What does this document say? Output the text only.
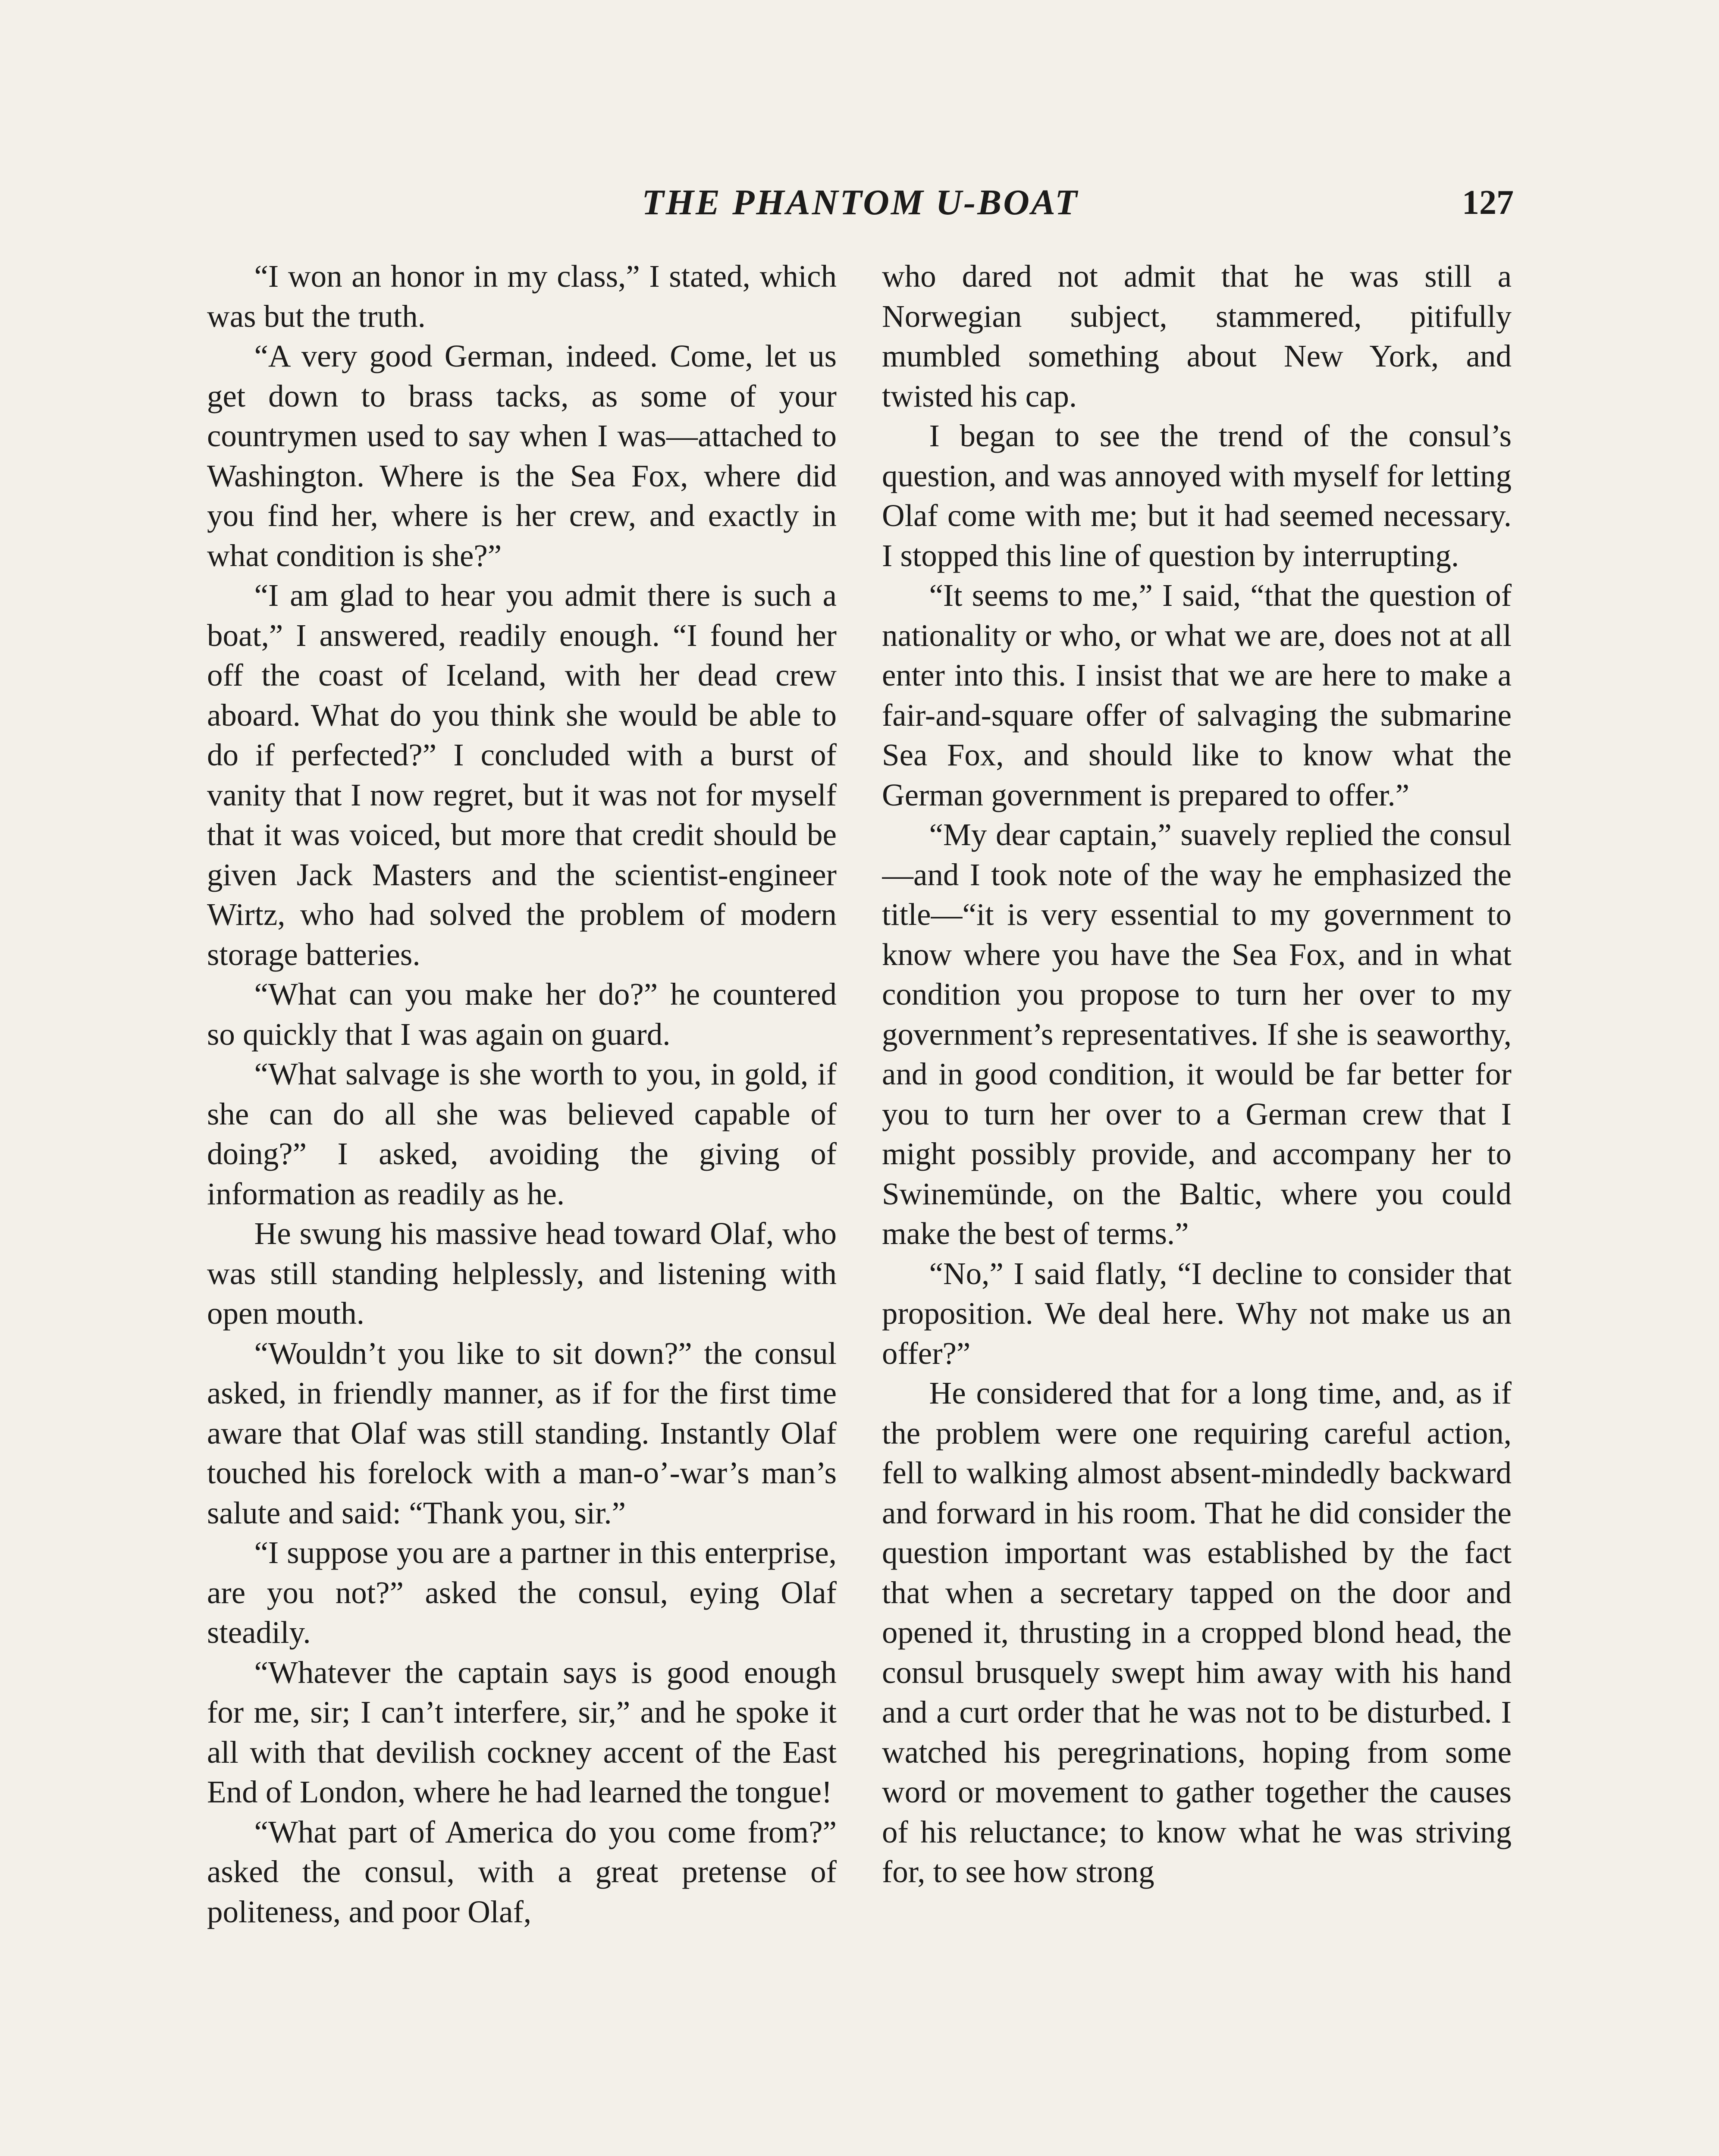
THE PHANTOM U-BOAT	127

“I won an honor in my class,” I stated, which was but the truth.

“A very good German, indeed. Come, let us get down to brass tacks, as some of your countrymen used to say when I was—attached to Washington. Where is the Sea Fox, where did you find her, where is her crew, and exactly in what condition is she?”

“I am glad to hear you admit there is such a boat,” I answered, readily enough. “I found her off the coast of Iceland, with her dead crew aboard. What do you think she would be able to do if perfected?” I concluded with a burst of vanity that I now regret, but it was not for myself that it was voiced, but more that credit should be given Jack Masters and the scientist-engineer Wirtz, who had solved the problem of modern storage batteries.

“What can you make her do?” he countered so quickly that I was again on guard.

“What salvage is she worth to you, in gold, if she can do all she was believed capable of doing?” I asked, avoiding the giving of information as readily as he.

He swung his massive head toward Olaf, who was still standing helplessly, and listening with open mouth.

“Wouldn’t you like to sit down?” the consul asked, in friendly manner, as if for the first time aware that Olaf was still standing. Instantly Olaf touched his forelock with a man-o’-war’s man’s salute and said: “Thank you, sir.”

“I suppose you are a partner in this enterprise, are you not?” asked the consul, eying Olaf steadily.

“Whatever the captain says is good enough for me, sir; I can’t interfere, sir,” and he spoke it all with that devilish cockney accent of the East End of London, where he had learned the tongue!

“What part of America do you come from?” asked the consul, with a great pretense of politeness, and poor Olaf,

who dared not admit that he was still a Norwegian subject, stammered, pitifully mumbled something about New York, and twisted his cap.

I began to see the trend of the consul’s question, and was annoyed with myself for letting Olaf come with me; but it had seemed necessary. I stopped this line of question by interrupting.

“It seems to me,” I said, “that the question of nationality or who, or what we are, does not at all enter into this. I insist that we are here to make a fair-and-square offer of salvaging the submarine Sea Fox, and should like to know what the German government is prepared to offer.”

“My dear captain,” suavely replied the consul—and I took note of the way he emphasized the title—“it is very essential to my government to know where you have the Sea Fox, and in what condition you propose to turn her over to my government’s representatives. If she is seaworthy, and in good condition, it would be far better for you to turn her over to a German crew that I might possibly provide, and accompany her to Swinemünde, on the Baltic, where you could make the best of terms.”

“No,” I said flatly, “I decline to consider that proposition. We deal here. Why not make us an offer?”

He considered that for a long time, and, as if the problem were one requiring careful action, fell to walking almost absent-mindedly backward and forward in his room. That he did consider the question important was established by the fact that when a secretary tapped on the door and opened it, thrusting in a cropped blond head, the consul brusquely swept him away with his hand and a curt order that he was not to be disturbed. I watched his peregrinations, hoping from some word or movement to gather together the causes of his reluctance; to know what he was striving for, to see how strong
